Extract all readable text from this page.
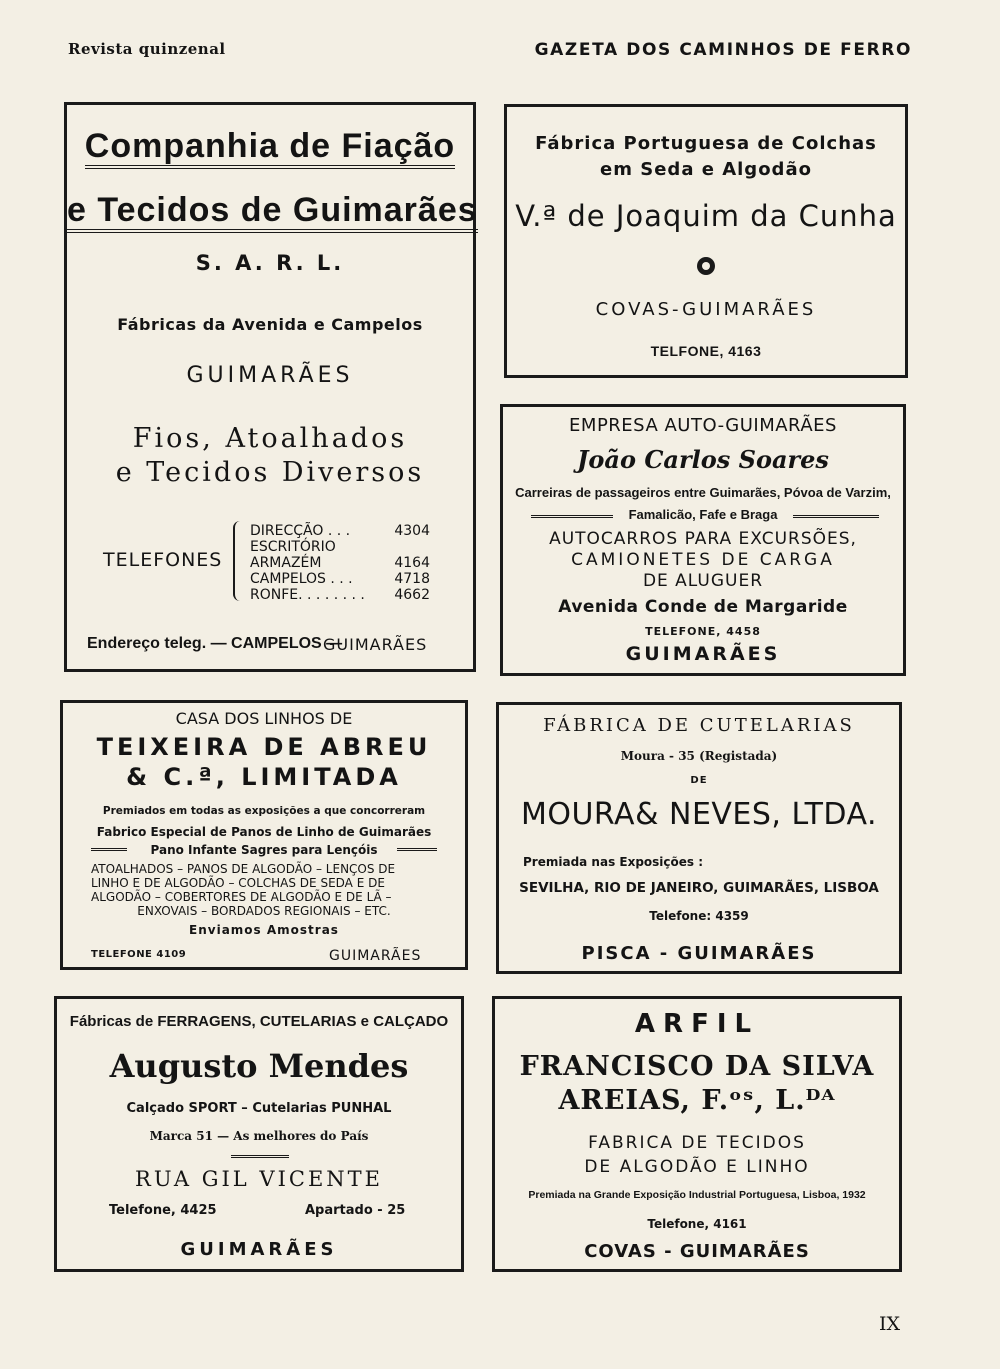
Revista quinzenal	GAZETA DOS CAMINHOS DE FERRO
Companhia de Fiação
e Tecidos de Guimarães
S. A. R. L.
Fábricas da Avenida e Campelos
GUIMARÃES
Fios, Atoalhados
e Tecidos Diversos
TELEFONES
DIRECÇÃO . . .	4304
ESCRITÓRIO
ARMAZÉM	4164
CAMPELOS . . .	4718
RONFE. . . . . . . . 4662
Endereço teleg. — CAMPELOS —
GUIMARÃES
Fábrica Portuguesa de Colchas
em Seda e Algodão
V.ª de Joaquim da Cunha
COVAS-GUIMARÃES
TELFONE, 4163
EMPRESA AUTO-GUIMARÃES
João Carlos Soares
Carreiras de passageiros entre Guimarães, Póvoa de Varzim,
Famalicão, Fafe e Braga
AUTOCARROS PARA EXCURSÕES,
CAMIONETES DE CARGA
DE ALUGUER
Avenida Conde de Margaride
TELEFONE, 4458
GUIMARÃES
CASA DOS LINHOS DE
TEIXEIRA DE ABREU
& C.ª, LIMITADA
Premiados em todas as exposições a que concorreram
Fabrico Especial de Panos de Linho de Guimarães
Pano Infante Sagres para Lençóis
ATOALHADOS – PANOS DE ALGODÃO – LENÇOS DE
LINHO E DE ALGODÃO – COLCHAS DE SEDA E DE
ALGODÃO – COBERTORES DE ALGODÃO E DE LÃ –
ENXOVAIS – BORDADOS REGIONAIS – ETC.
Enviamos Amostras
TELEFONE 4109	GUIMARÃES
FÁBRICA DE CUTELARIAS
Moura - 35 (Registada)
DE
MOURA& NEVES, LTDA.
Premiada nas Exposições :
SEVILHA, RIO DE JANEIRO, GUIMARÃES, LISBOA
Telefone: 4359
PISCA - GUIMARÃES
Fábricas de FERRAGENS, CUTELARIAS e CALÇADO
Augusto Mendes
Calçado SPORT – Cutelarias PUNHAL
Marca 51 — As melhores do País
RUA GIL VICENTE
Telefone, 4425	Apartado - 25
GUIMARÃES
ARFIL
FRANCISCO DA SILVA
AREIAS, F.ᵒˢ, L.ᴰᴬ
FABRICA DE TECIDOS
DE ALGODÃO E LINHO
Premiada na Grande Exposição Industrial Portuguesa, Lisboa, 1932
Telefone, 4161
COVAS - GUIMARÃES
IX
